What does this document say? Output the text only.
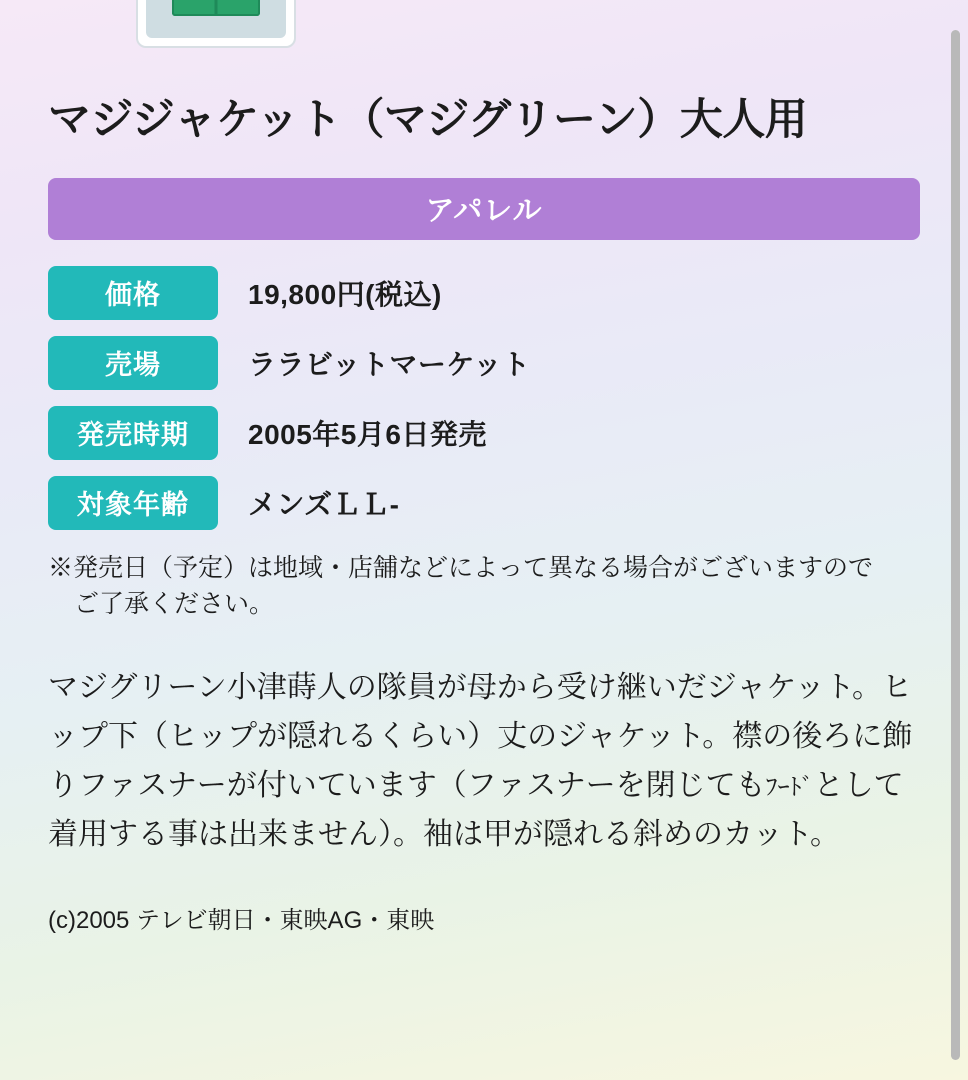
マジジャケット（マジグリーン）大人用
アパレル
価格	19,800円(税込)
売場	ララビットマーケット
発売時期	2005年5月6日発売
対象年齢	メンズＬＬ-
※発売日（予定）は地域・店舗などによって異なる場合がございますので
ご了承ください。
マジグリーン小津蒔人の隊員が母から受け継いだジャケット。ヒップ下（ヒップが隠れるくらい）丈のジャケット。襟の後ろに飾りファスナーが付いています（ファスナーを閉じてもﾌｰﾄﾞとして着用する事は出来ません）。袖は甲が隠れる斜めのカット。
(c)2005 テレビ朝日・東映AG・東映
